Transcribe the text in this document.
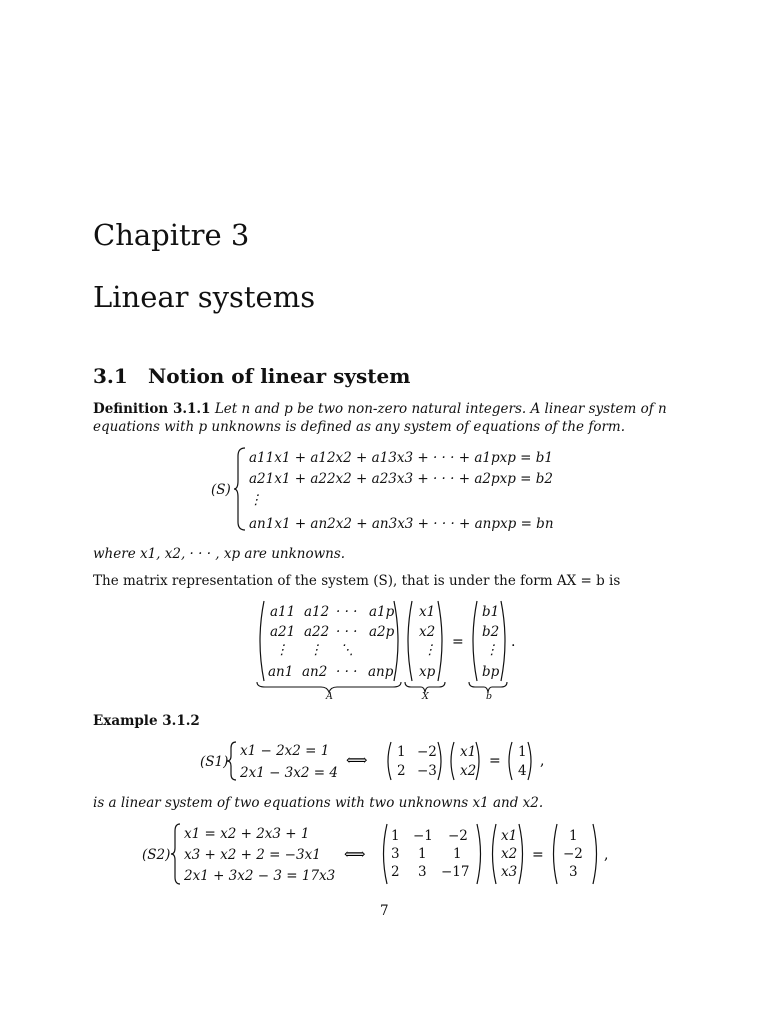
Chapitre 3
Linear systems
3.1 Notion of linear system
Definition 3.1.1 Let n and p be two non-zero natural integers. A linear system of n
equations with p unknowns is defined as any system of equations of the form.
(S)
a11x1 + a12x2 + a13x3 + · · · + a1pxp = b1
a21x1 + a22x2 + a23x3 + · · · + a2pxp = b2
⋮
an1x1 + an2x2 + an3x3 + · · · + anpxp = bn
where x1, x2, · · · , xp are unknowns.
The matrix representation of the system (S), that is under the form AX = b is
=	.
a11 a12 · · · a1p
a21 a22 · · · a2p
⋮ ⋮ ⋱
an1 an2 · · · anp
x1
x2
⋮
xp
b1
b2
⋮
bp
A	X	b
Example 3.1.2
(S1)
x1 − 2x2 = 1
2x1 − 3x2 = 4
⟺	=	,
1 −2
2 −3
x1
x2
1
4
is a linear system of two equations with two unknowns x1 and x2.
(S2)
x1 = x2 + 2x3 + 1
x3 + x2 + 2 = −3x1
2x1 + 3x2 − 3 = 17x3
⟺	=	,
1 −1 −2
3 1 1
2 3 −17
x1
x2
x3
1
−2
3
7
